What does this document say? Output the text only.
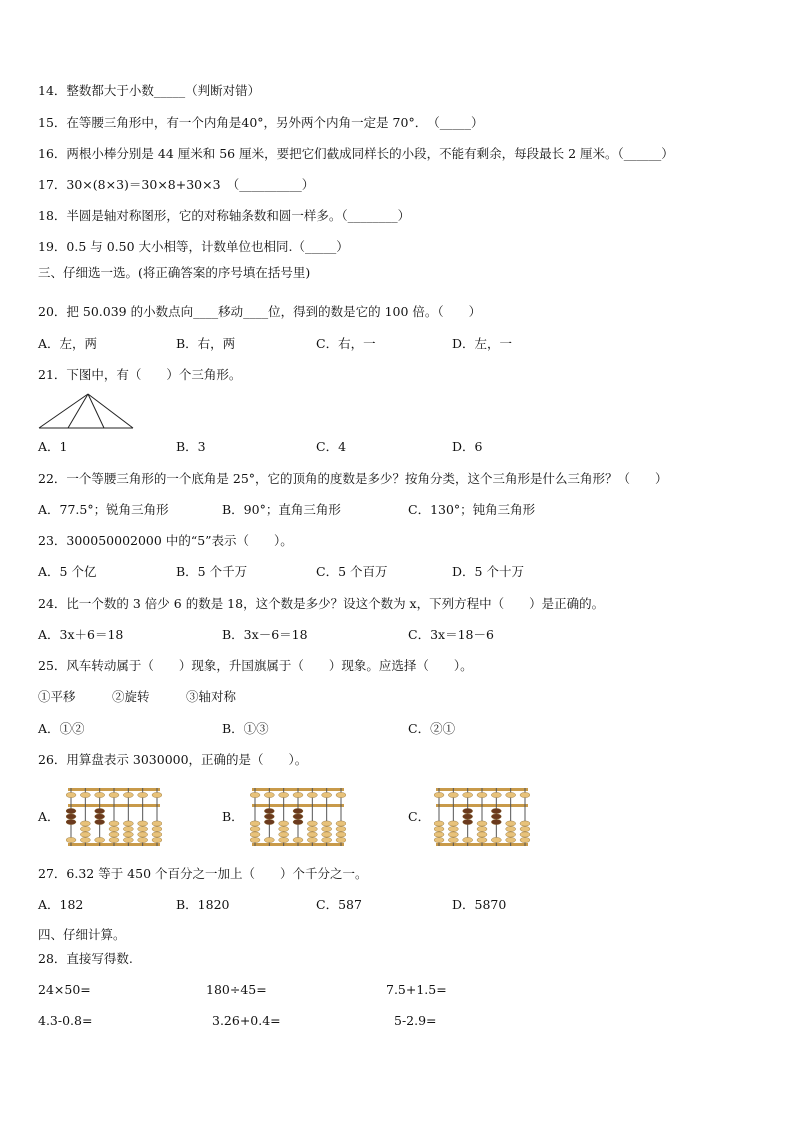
14．整数都大于小数_____（判断对错）
15．在等腰三角形中，有一个内角是40°，另外两个内角一定是 70°．　（_____）
16．两根小棒分别是 44 厘米和 56 厘米，要把它们截成同样长的小段，不能有剩余，每段最长 2 厘米。（______）
17．30×(8×3)＝30×8+30×3　（__________）
18．半圆是轴对称图形，它的对称轴条数和圆一样多。（________）
19．0.5 与 0.50 大小相等，计数单位也相同.（_____）
三、仔细选一选。(将正确答案的序号填在括号里)
20．把 50.039 的小数点向____移动____位，得到的数是它的 100 倍。（　　）
A．左，两	B．右，两	C．右，一	D．左，一
21．下图中，有（　　）个三角形。
A．1	B．3	C．4	D．6
22．一个等腰三角形的一个底角是 25°，它的顶角的度数是多少？按角分类，这个三角形是什么三角形？（　　）
A．77.5°；锐角三角形	B．90°；直角三角形	C．130°；钝角三角形
23．300050002000 中的“5”表示（　　）。
A．5 个亿	B．5 个千万	C．5 个百万	D．5 个十万
24．比一个数的 3 倍少 6 的数是 18，这个数是多少？设这个数为 x，下列方程中（　　）是正确的。
A．3x＋6＝18	B．3x－6＝18	C．3x＝18－6
25．风车转动属于（　　）现象，升国旗属于（　　）现象。应选择（　　）。
①平移	②旋转	③轴对称
A．①②	B．①③	C．②①
26．用算盘表示 3030000，正确的是（　　）。
A．	B．	C．
27．6.32 等于 450 个百分之一加上（　　）个千分之一。
A．182	B．1820	C．587	D．5870
四、仔细计算。
28．直接写得数.
24×50=	180÷45=	7.5+1.5=
4.3-0.8=	3.26+0.4=	5-2.9=
